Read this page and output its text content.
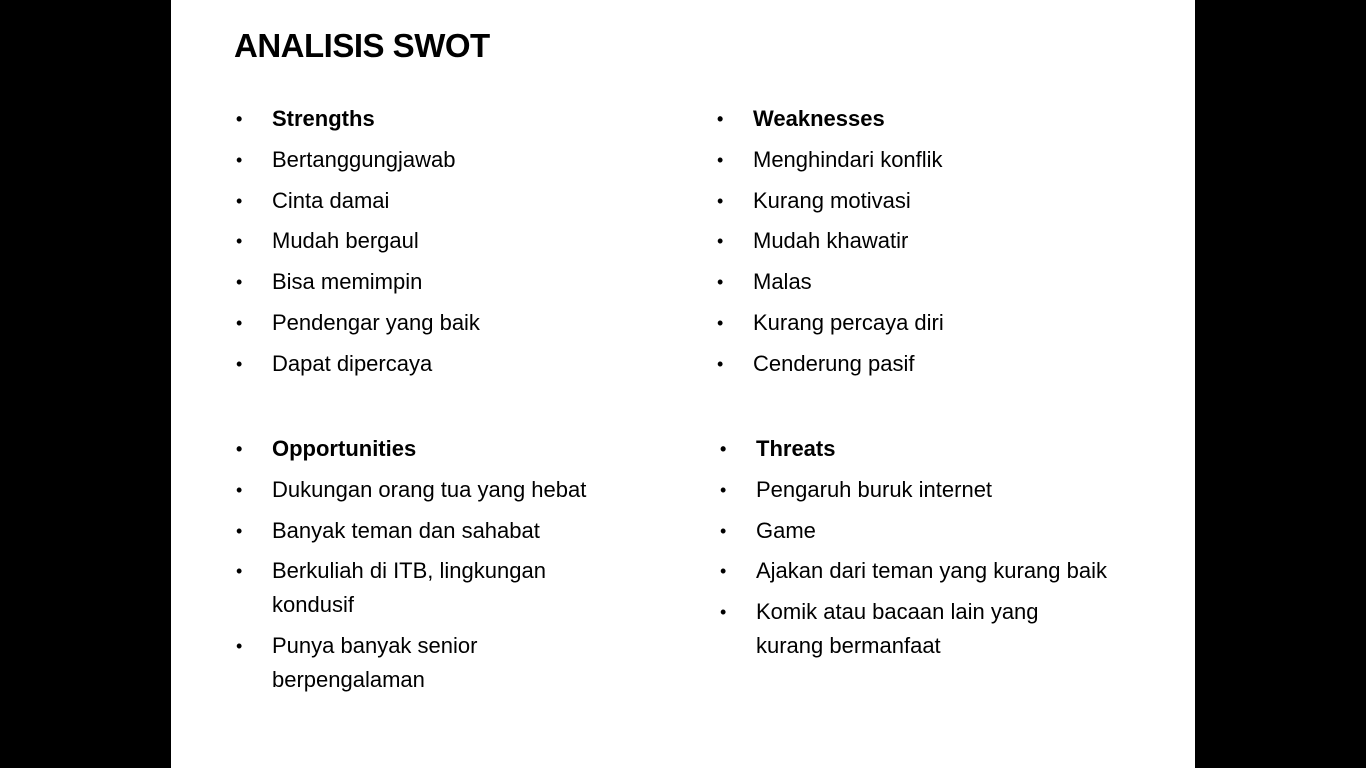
ANALISIS SWOT
• Strengths
• Bertanggungjawab
• Cinta damai
• Mudah bergaul
• Bisa memimpin
• Pendengar yang baik
• Dapat dipercaya
• Weaknesses
• Menghindari konflik
• Kurang motivasi
• Mudah khawatir
• Malas
• Kurang percaya diri
• Cenderung pasif
• Opportunities
• Dukungan orang tua yang hebat
• Banyak teman dan sahabat
• Berkuliah di ITB, lingkungan kondusif
• Punya banyak senior berpengalaman
• Threats
• Pengaruh buruk internet
• Game
• Ajakan dari teman yang kurang baik
• Komik atau bacaan lain yang kurang bermanfaat
